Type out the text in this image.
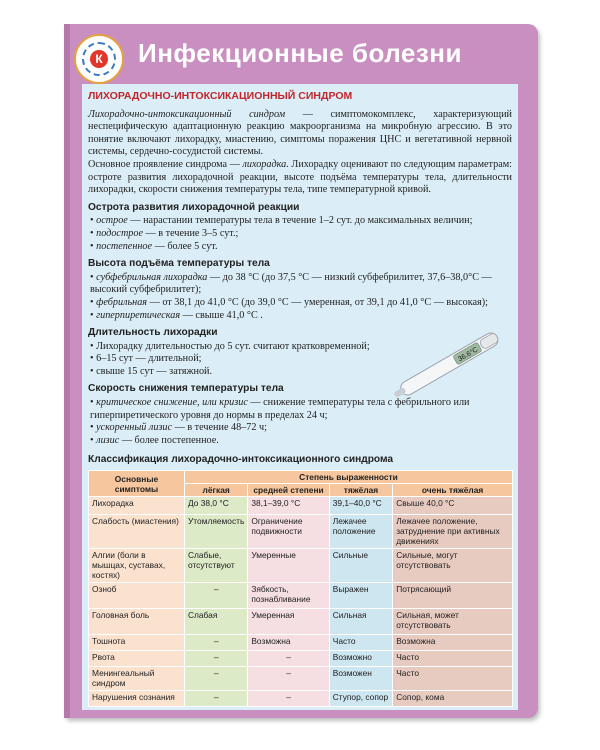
К Инфекционные болезни
ЛИХОРАДОЧНО-ИНТОКСИКАЦИОННЫЙ СИНДРОМ

Лихорадочно-интоксикационный синдром — симптомокомплекс, характеризующий неспецифическую адаптационную реакцию макроорганизма на микробную агрессию. В это понятие включают лихорадку, миастению, симптомы поражения ЦНС и вегетативной нервной системы, сердечно-сосудистой системы.

Основное проявление синдрома — лихорадка. Лихорадку оценивают по следующим параметрам: остроте развития лихорадочной реакции, высоте подъёма температуры тела, длительности лихорадки, скорости снижения температуры тела, типе температурной кривой.

Острота развития лихорадочной реакции

• острое — нарастании температуры тела в течение 1–2 сут. до максимальных величин;

• подострое — в течение 3–5 сут.;

• постепенное — более 5 сут.

Высота подъёма температуры тела

• субфебрильная лихорадка — до 38 °С (до 37,5 °С — низкий субфебрилитет, 37,6–38,0°С — высокий субфебрилитет);

• фебрильная — от 38,1 до 41,0 °С (до 39,0 °С — умеренная, от 39,1 до 41,0 °С — высокая);

• гиперпиретическая — свыше 41,0 °С .

Длительность лихорадки

• Лихорадку длительностью до 5 сут. считают кратковременной;

• 6–15 сут — длительной;

• свыше 15 сут — затяжной.

Скорость снижения температуры тела

• критическое снижение, или кризис — снижение температуры тела с фебрильного или гиперпиретического уровня до нормы в пределах 24 ч;

• ускоренный лизис — в течение 48–72 ч;

• лизис — более постепенное.

36.6°C
Классификация лихорадочно-интоксикационного синдрома
Основные симптомы	Степень выраженности			
	лёгкая	средней степени	тяжёлая	очень тяжёлая
Лихорадка	До 38,0 °С	38,1–39,0 °С	39,1–40,0 °С	Свыше 40,0 °С
Слабость (миастения)	Утомляемость	Ограничение подвижности	Лежачее положение	Лежачее положение, затруднение при активных движениях
Алгии (боли в мышцах, суставах, костях)	Слабые, отсутствуют	Умеренные	Сильные	Сильные, могут отсутствовать
Озноб	–	Зябкость, познабливание	Выражен	Потрясающий
Головная боль	Слабая	Умеренная	Сильная	Сильная, может отсутствовать
Тошнота	–	Возможна	Часто	Возможна
Рвота	–	–	Возможно	Часто
Менингеальный синдром	–	–	Возможен	Часто
Нарушения сознания	–	–	Ступор, сопор	Сопор, кома
